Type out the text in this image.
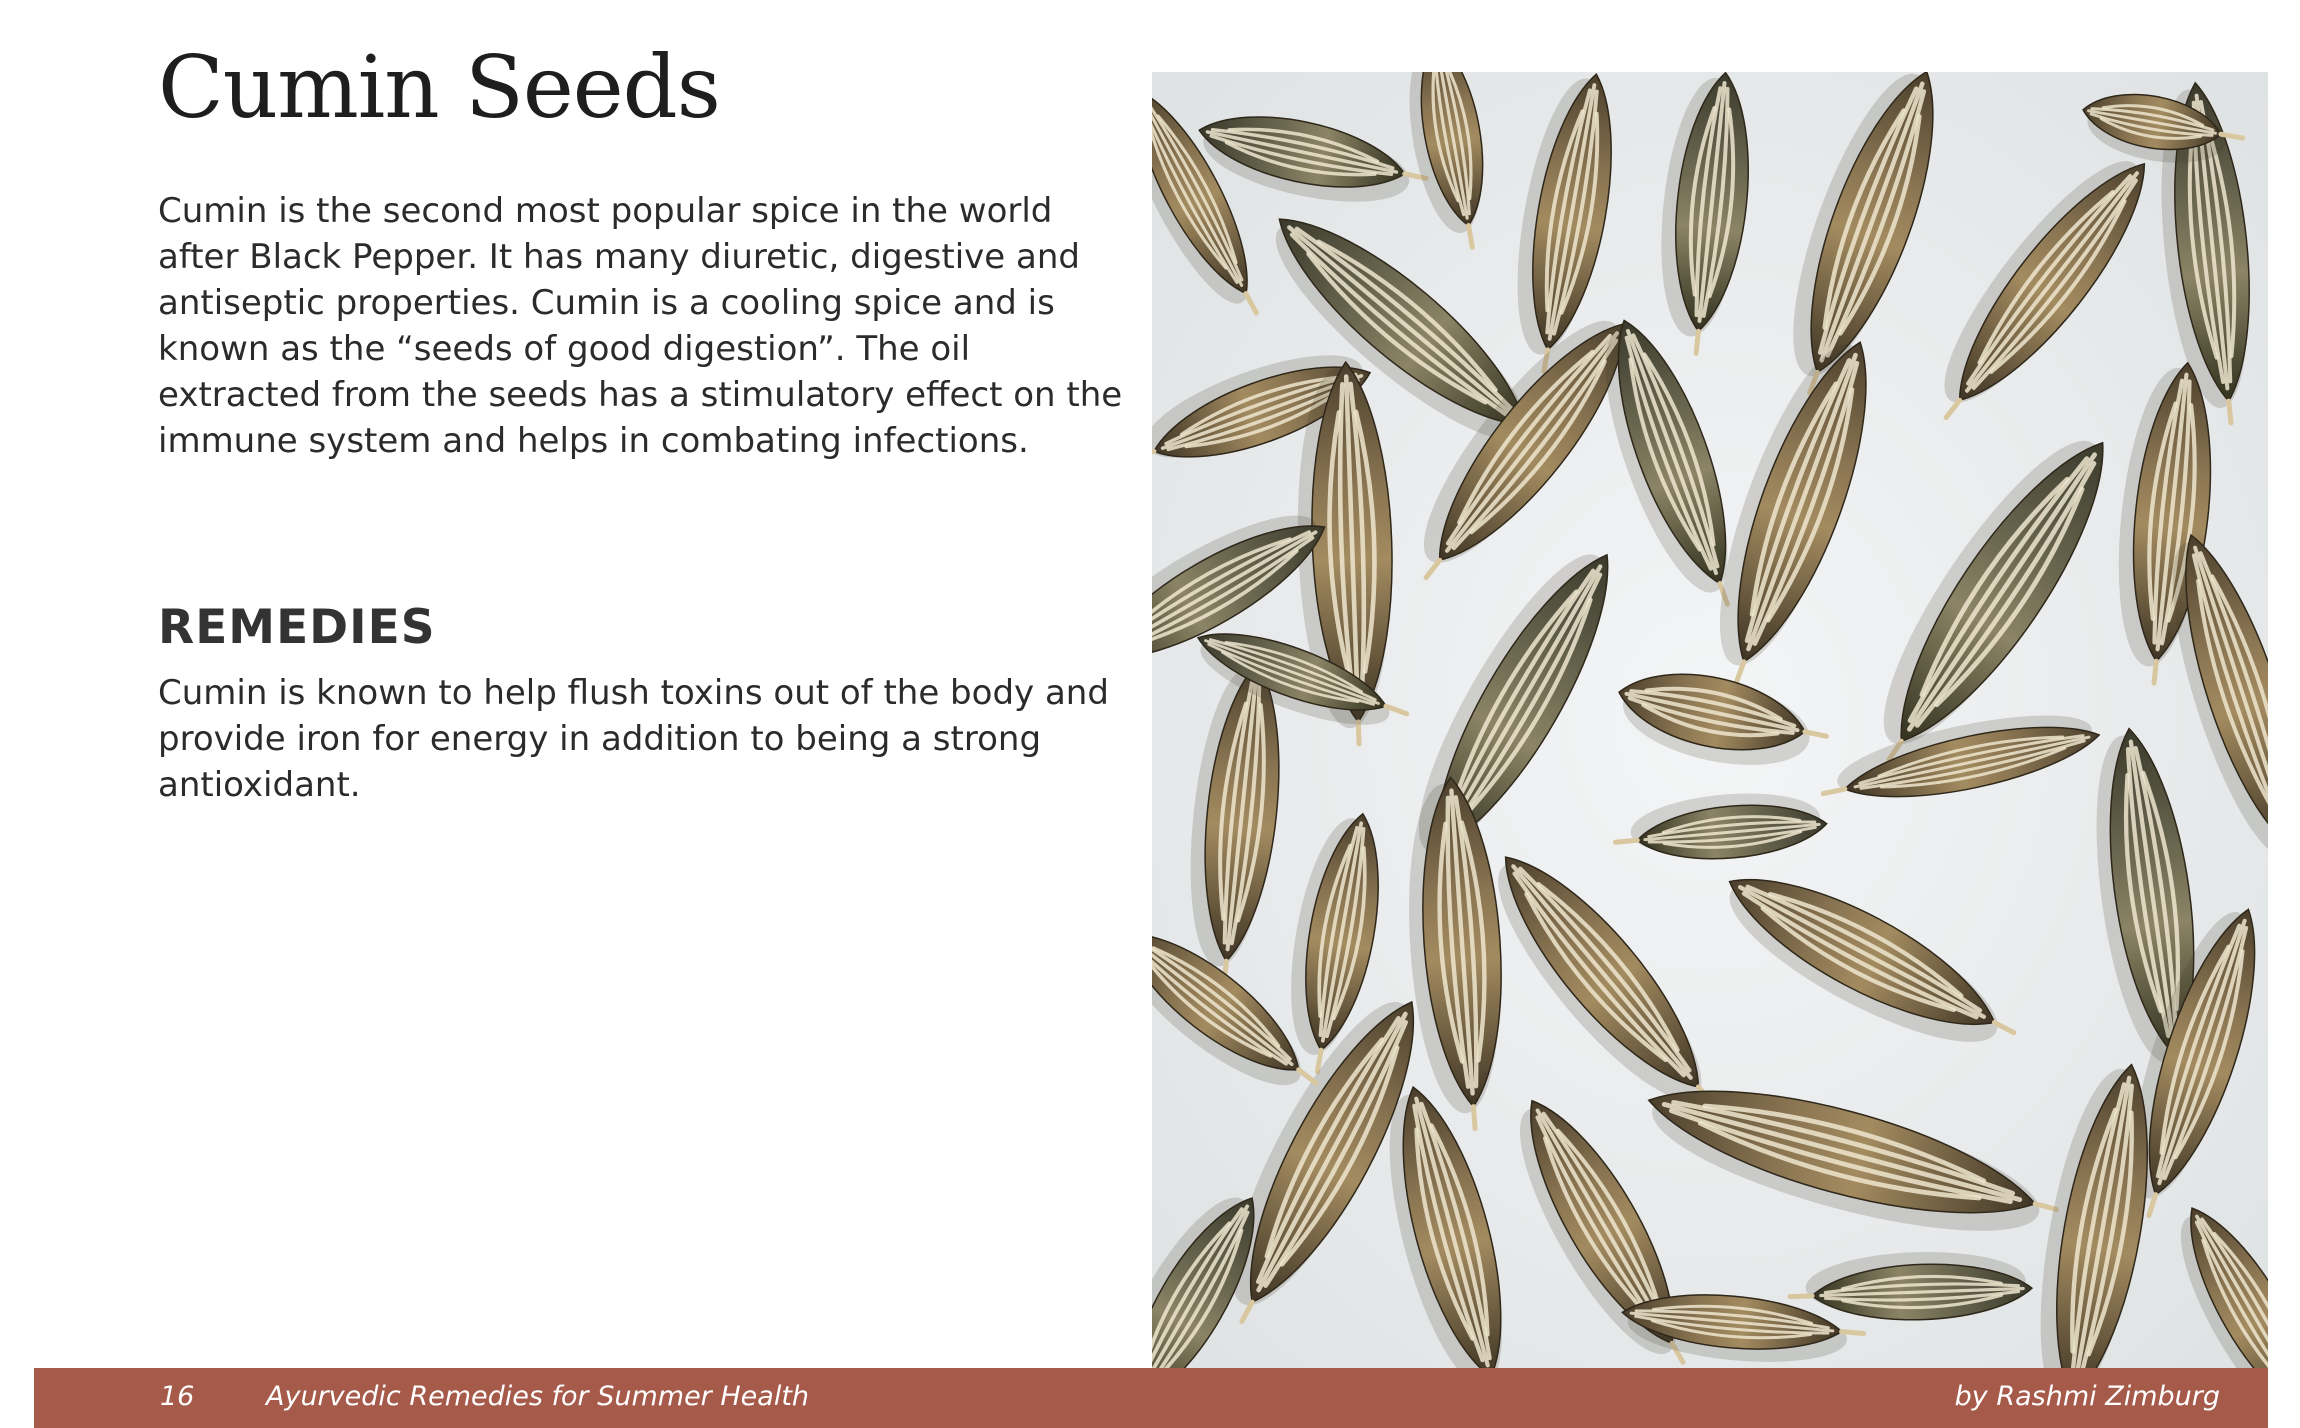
Cumin Seeds

Cumin is the second most popular spice in the world after Black Pepper. It has many diuretic, digestive and antiseptic properties. Cumin is a cooling spice and is known as the “seeds of good digestion”. The oil extracted from the seeds has a stimulatory effect on the immune system and helps in combating infections.

REMEDIES

Cumin is known to help flush toxins out of the body and provide iron for energy in addition to being a strong antioxidant.

16	Ayurvedic Remedies for Summer Health	by Rashmi Zimburg
